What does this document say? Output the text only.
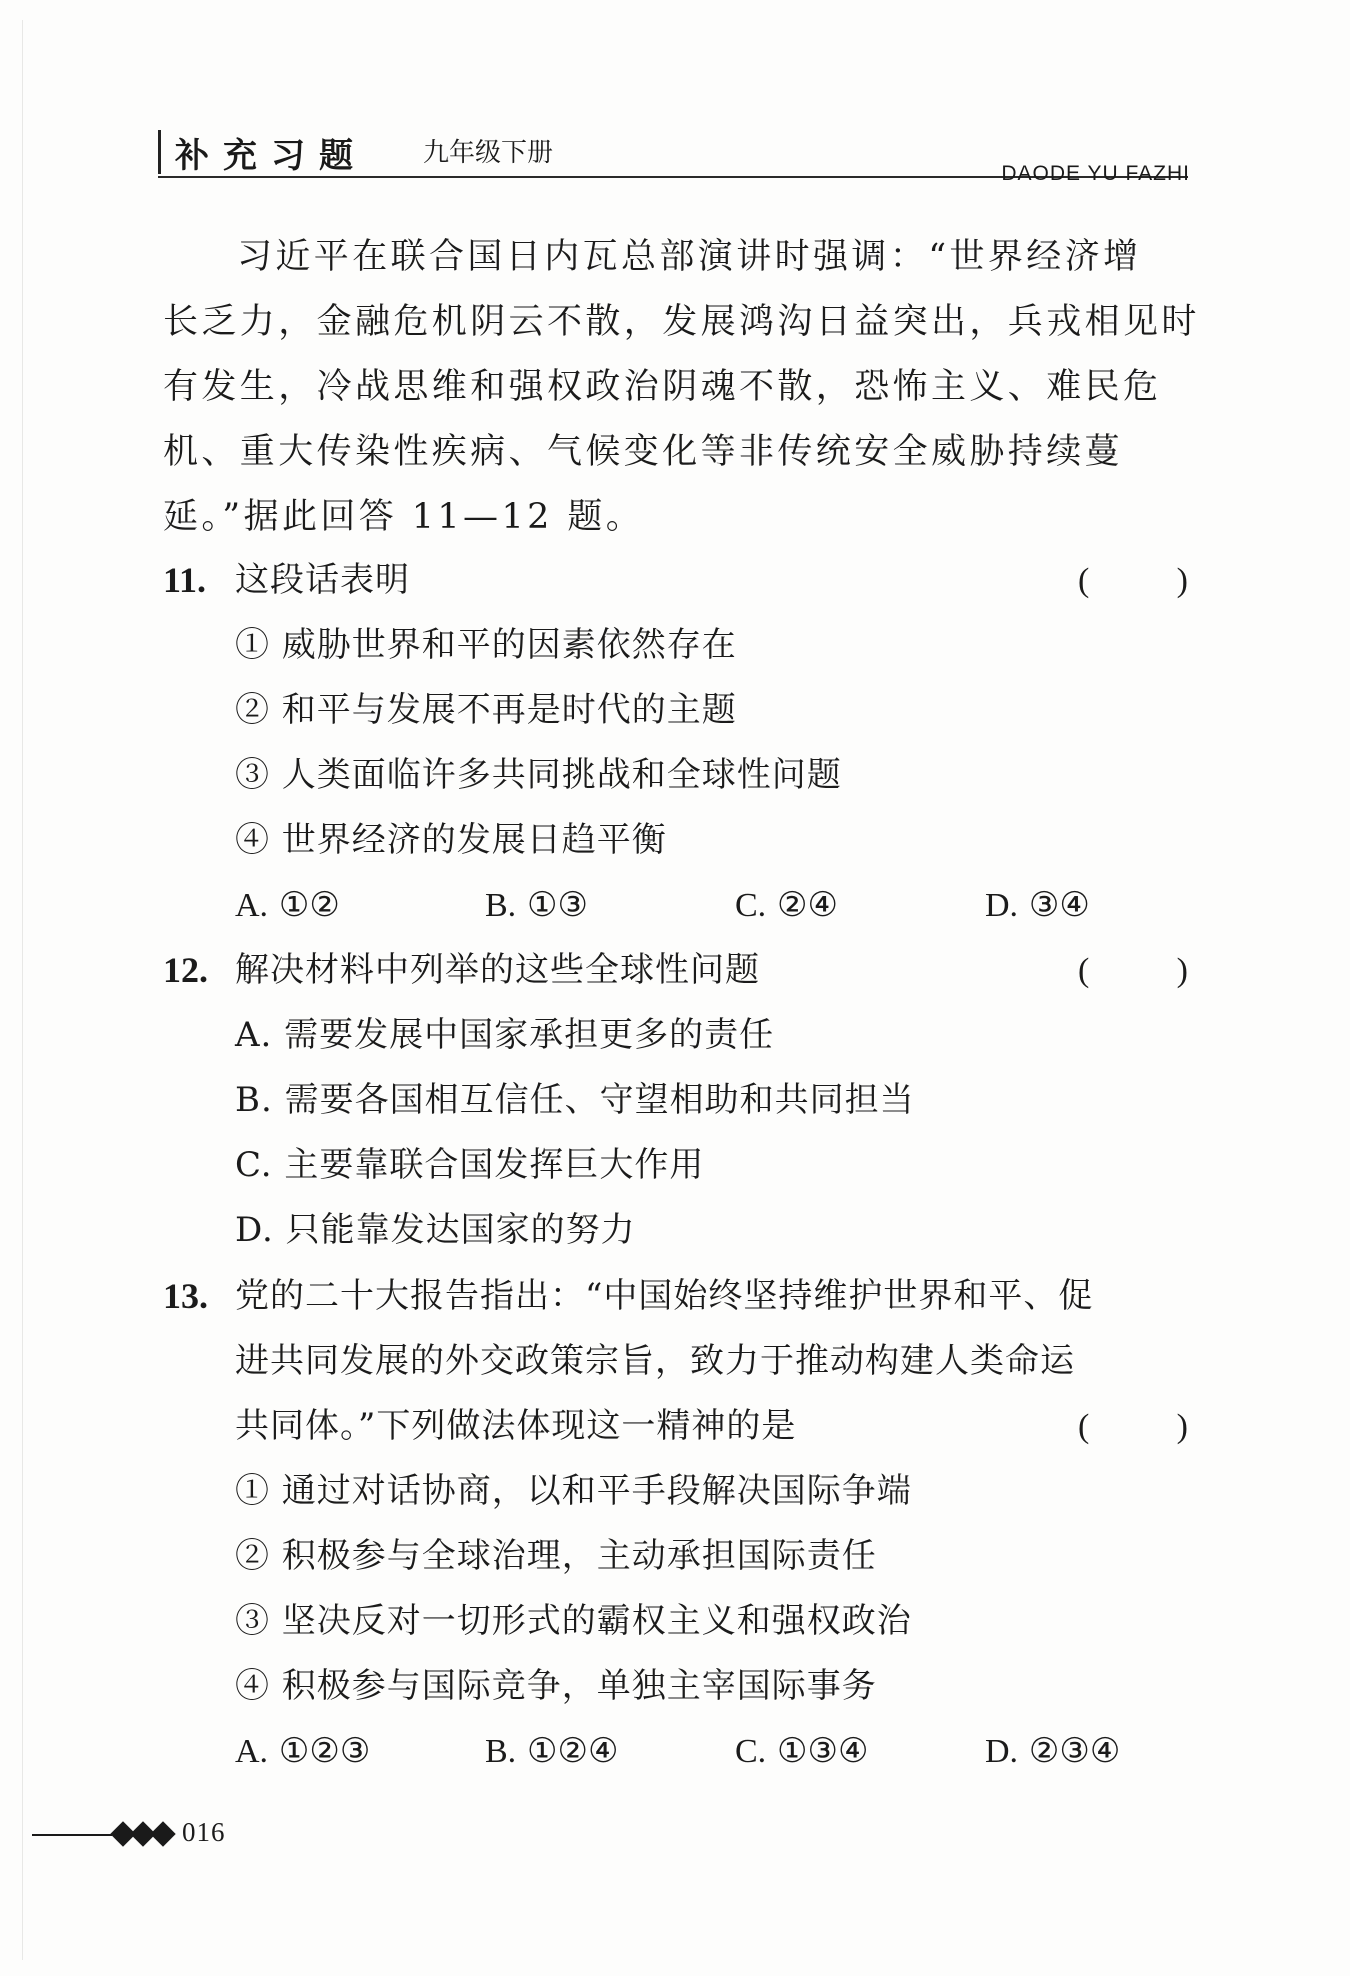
补充习题 九年级下册
DAODE YU FAZHI
习近平在联合国日内瓦总部演讲时强调：“世界经济增
长乏力，金融危机阴云不散，发展鸿沟日益突出，兵戎相见时
有发生，冷战思维和强权政治阴魂不散，恐怖主义、难民危
机、重大传染性疾病、气候变化等非传统安全威胁持续蔓
延。”据此回答 11—12 题。
11. 这段话表明	(	)
① 威胁世界和平的因素依然存在
② 和平与发展不再是时代的主题
③ 人类面临许多共同挑战和全球性问题
④ 世界经济的发展日趋平衡
A. ①②	B. ①③	C. ②④	D. ③④
12. 解决材料中列举的这些全球性问题	(	)
A. 需要发展中国家承担更多的责任
B. 需要各国相互信任、守望相助和共同担当
C. 主要靠联合国发挥巨大作用
D. 只能靠发达国家的努力
13. 党的二十大报告指出：“中国始终坚持维护世界和平、促
进共同发展的外交政策宗旨，致力于推动构建人类命运
共同体。”下列做法体现这一精神的是	(	)
① 通过对话协商，以和平手段解决国际争端
② 积极参与全球治理，主动承担国际责任
③ 坚决反对一切形式的霸权主义和强权政治
④ 积极参与国际竞争，单独主宰国际事务
A. ①②③	B. ①②④	C. ①③④	D. ②③④
016
